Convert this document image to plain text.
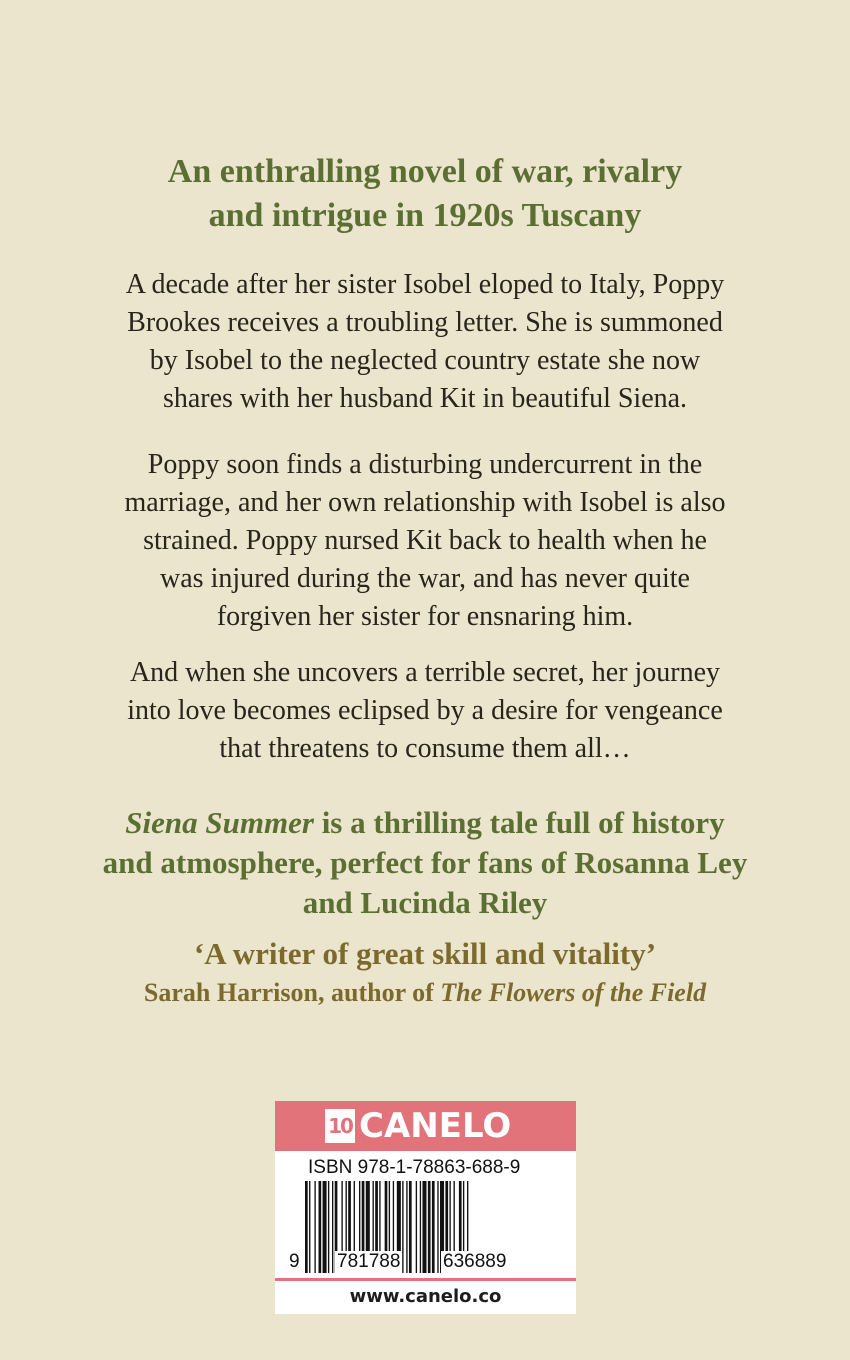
An enthralling novel of war, rivalry
and intrigue in 1920s Tuscany
A decade after her sister Isobel eloped to Italy, Poppy
Brookes receives a troubling letter. She is summoned
by Isobel to the neglected country estate she now
shares with her husband Kit in beautiful Siena.
Poppy soon finds a disturbing undercurrent in the
marriage, and her own relationship with Isobel is also
strained. Poppy nursed Kit back to health when he
was injured during the war, and has never quite
forgiven her sister for ensnaring him.
And when she uncovers a terrible secret, her journey
into love becomes eclipsed by a desire for vengeance
that threatens to consume them all…
Siena Summer is a thrilling tale full of history
and atmosphere, perfect for fans of Rosanna Ley
and Lucinda Riley
‘A writer of great skill and vitality’
Sarah Harrison, author of The Flowers of the Field
10 CANELO
ISBN 978-1-78863-688-9
9 781788 636889
www.canelo.co
